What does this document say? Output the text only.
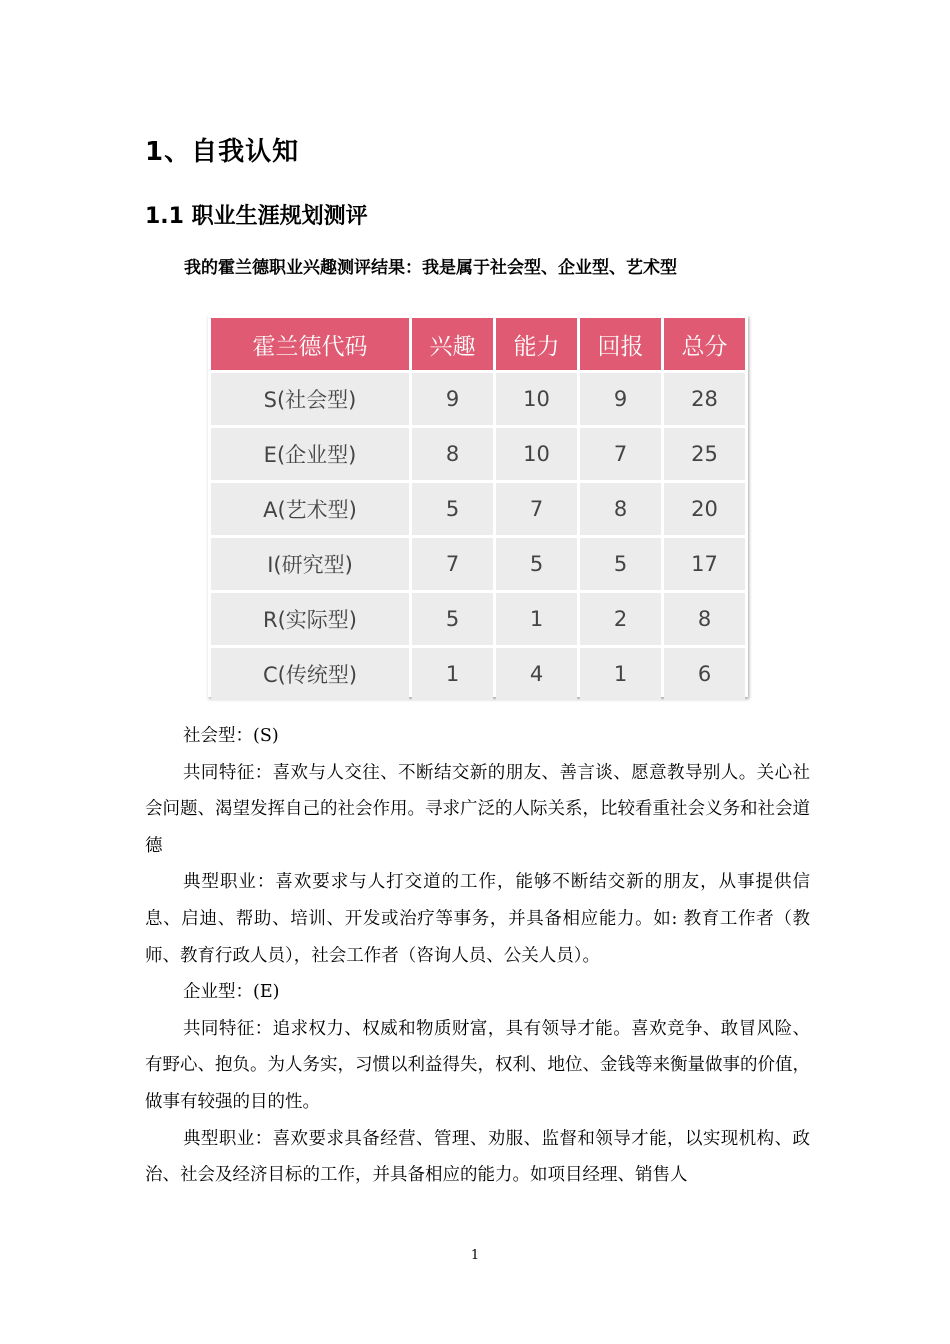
1、自我认知
1.1 职业生涯规划测评
我的霍兰德职业兴趣测评结果：我是属于社会型、企业型、艺术型
霍兰德代码	兴趣	能力	回报	总分
S(社会型)	9	10	9	28
E(企业型)	8	10	7	25
A(艺术型)	5	7	8	20
I(研究型)	7	5	5	17
R(实际型)	5	1	2	8
C(传统型)	1	4	1	6

社会型：(S)

共同特征：喜欢与人交往、不断结交新的朋友、善言谈、愿意教导别人。关心社会问题、渴望发挥自己的社会作用。寻求广泛的人际关系，比较看重社会义务和社会道德

典型职业：喜欢要求与人打交道的工作，能够不断结交新的朋友，从事提供信息、启迪、帮助、培训、开发或治疗等事务，并具备相应能力。如: 教育工作者（教师、教育行政人员），社会工作者（咨询人员、公关人员）。

企业型：(E)

共同特征：追求权力、权威和物质财富，具有领导才能。喜欢竞争、敢冒风险、有野心、抱负。为人务实，习惯以利益得失，权利、地位、金钱等来衡量做事的价值，做事有较强的目的性。

典型职业：喜欢要求具备经营、管理、劝服、监督和领导才能，以实现机构、政治、社会及经济目标的工作，并具备相应的能力。如项目经理、销售人

1
